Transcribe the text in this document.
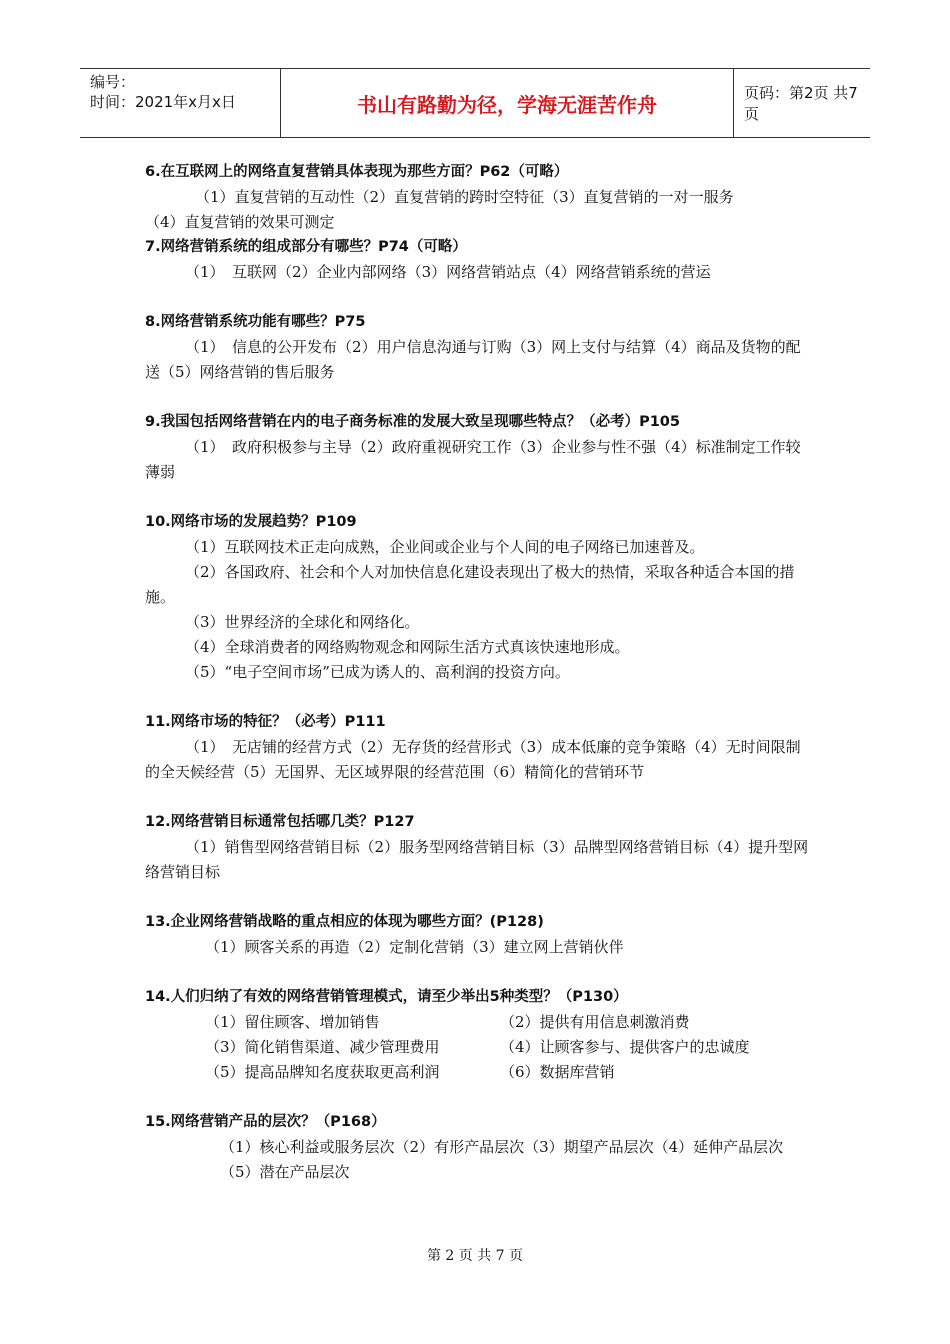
编号：
时间：2021年x月x日	书山有路勤为径，学海无涯苦作舟	页码：第2页 共7页

6.在互联网上的网络直复营销具体表现为那些方面？P62（可略）

（1）直复营销的互动性（2）直复营销的跨时空特征（3）直复营销的一对一服务

（4）直复营销的效果可测定

7.网络营销系统的组成部分有哪些？P74（可略）

（1）　互联网（2）企业内部网络（3）网络营销站点（4）网络营销系统的营运

8.网络营销系统功能有哪些？P75

（1）　信息的公开发布（2）用户信息沟通与订购（3）网上支付与结算（4）商品及货物的配送（5）网络营销的售后服务

9.我国包括网络营销在内的电子商务标准的发展大致呈现哪些特点？（必考）P105

（1）　政府积极参与主导（2）政府重视研究工作（3）企业参与性不强（4）标准制定工作较薄弱

10.网络市场的发展趋势？P109

（1）互联网技术正走向成熟，企业间或企业与个人间的电子网络已加速普及。

（2）各国政府、社会和个人对加快信息化建设表现出了极大的热情，采取各种适合本国的措施。

（3）世界经济的全球化和网络化。

（4）全球消费者的网络购物观念和网际生活方式真该快速地形成。

（5）“电子空间市场”已成为诱人的、高利润的投资方向。

11.网络市场的特征？（必考）P111

（1）　无店铺的经营方式（2）无存货的经营形式（3）成本低廉的竞争策略（4）无时间限制的全天候经营（5）无国界、无区域界限的经营范围（6）精简化的营销环节

12.网络营销目标通常包括哪几类？P127

（1）销售型网络营销目标（2）服务型网络营销目标（3）品牌型网络营销目标（4）提升型网络营销目标

13.企业网络营销战略的重点相应的体现为哪些方面？(P128)

（1）顾客关系的再造（2）定制化营销（3）建立网上营销伙伴

14.人们归纳了有效的网络营销管理模式，请至少举出5种类型？（P130）

（1）留住顾客、增加销售	（2）提供有用信息刺激消费
（3）简化销售渠道、减少管理费用	（4）让顾客参与、提供客户的忠诚度
（5）提高品牌知名度获取更高利润	（6）数据库营销

15.网络营销产品的层次？（P168）

（1）核心利益或服务层次（2）有形产品层次（3）期望产品层次（4）延伸产品层次

（5）潜在产品层次

第 2 页 共 7 页
